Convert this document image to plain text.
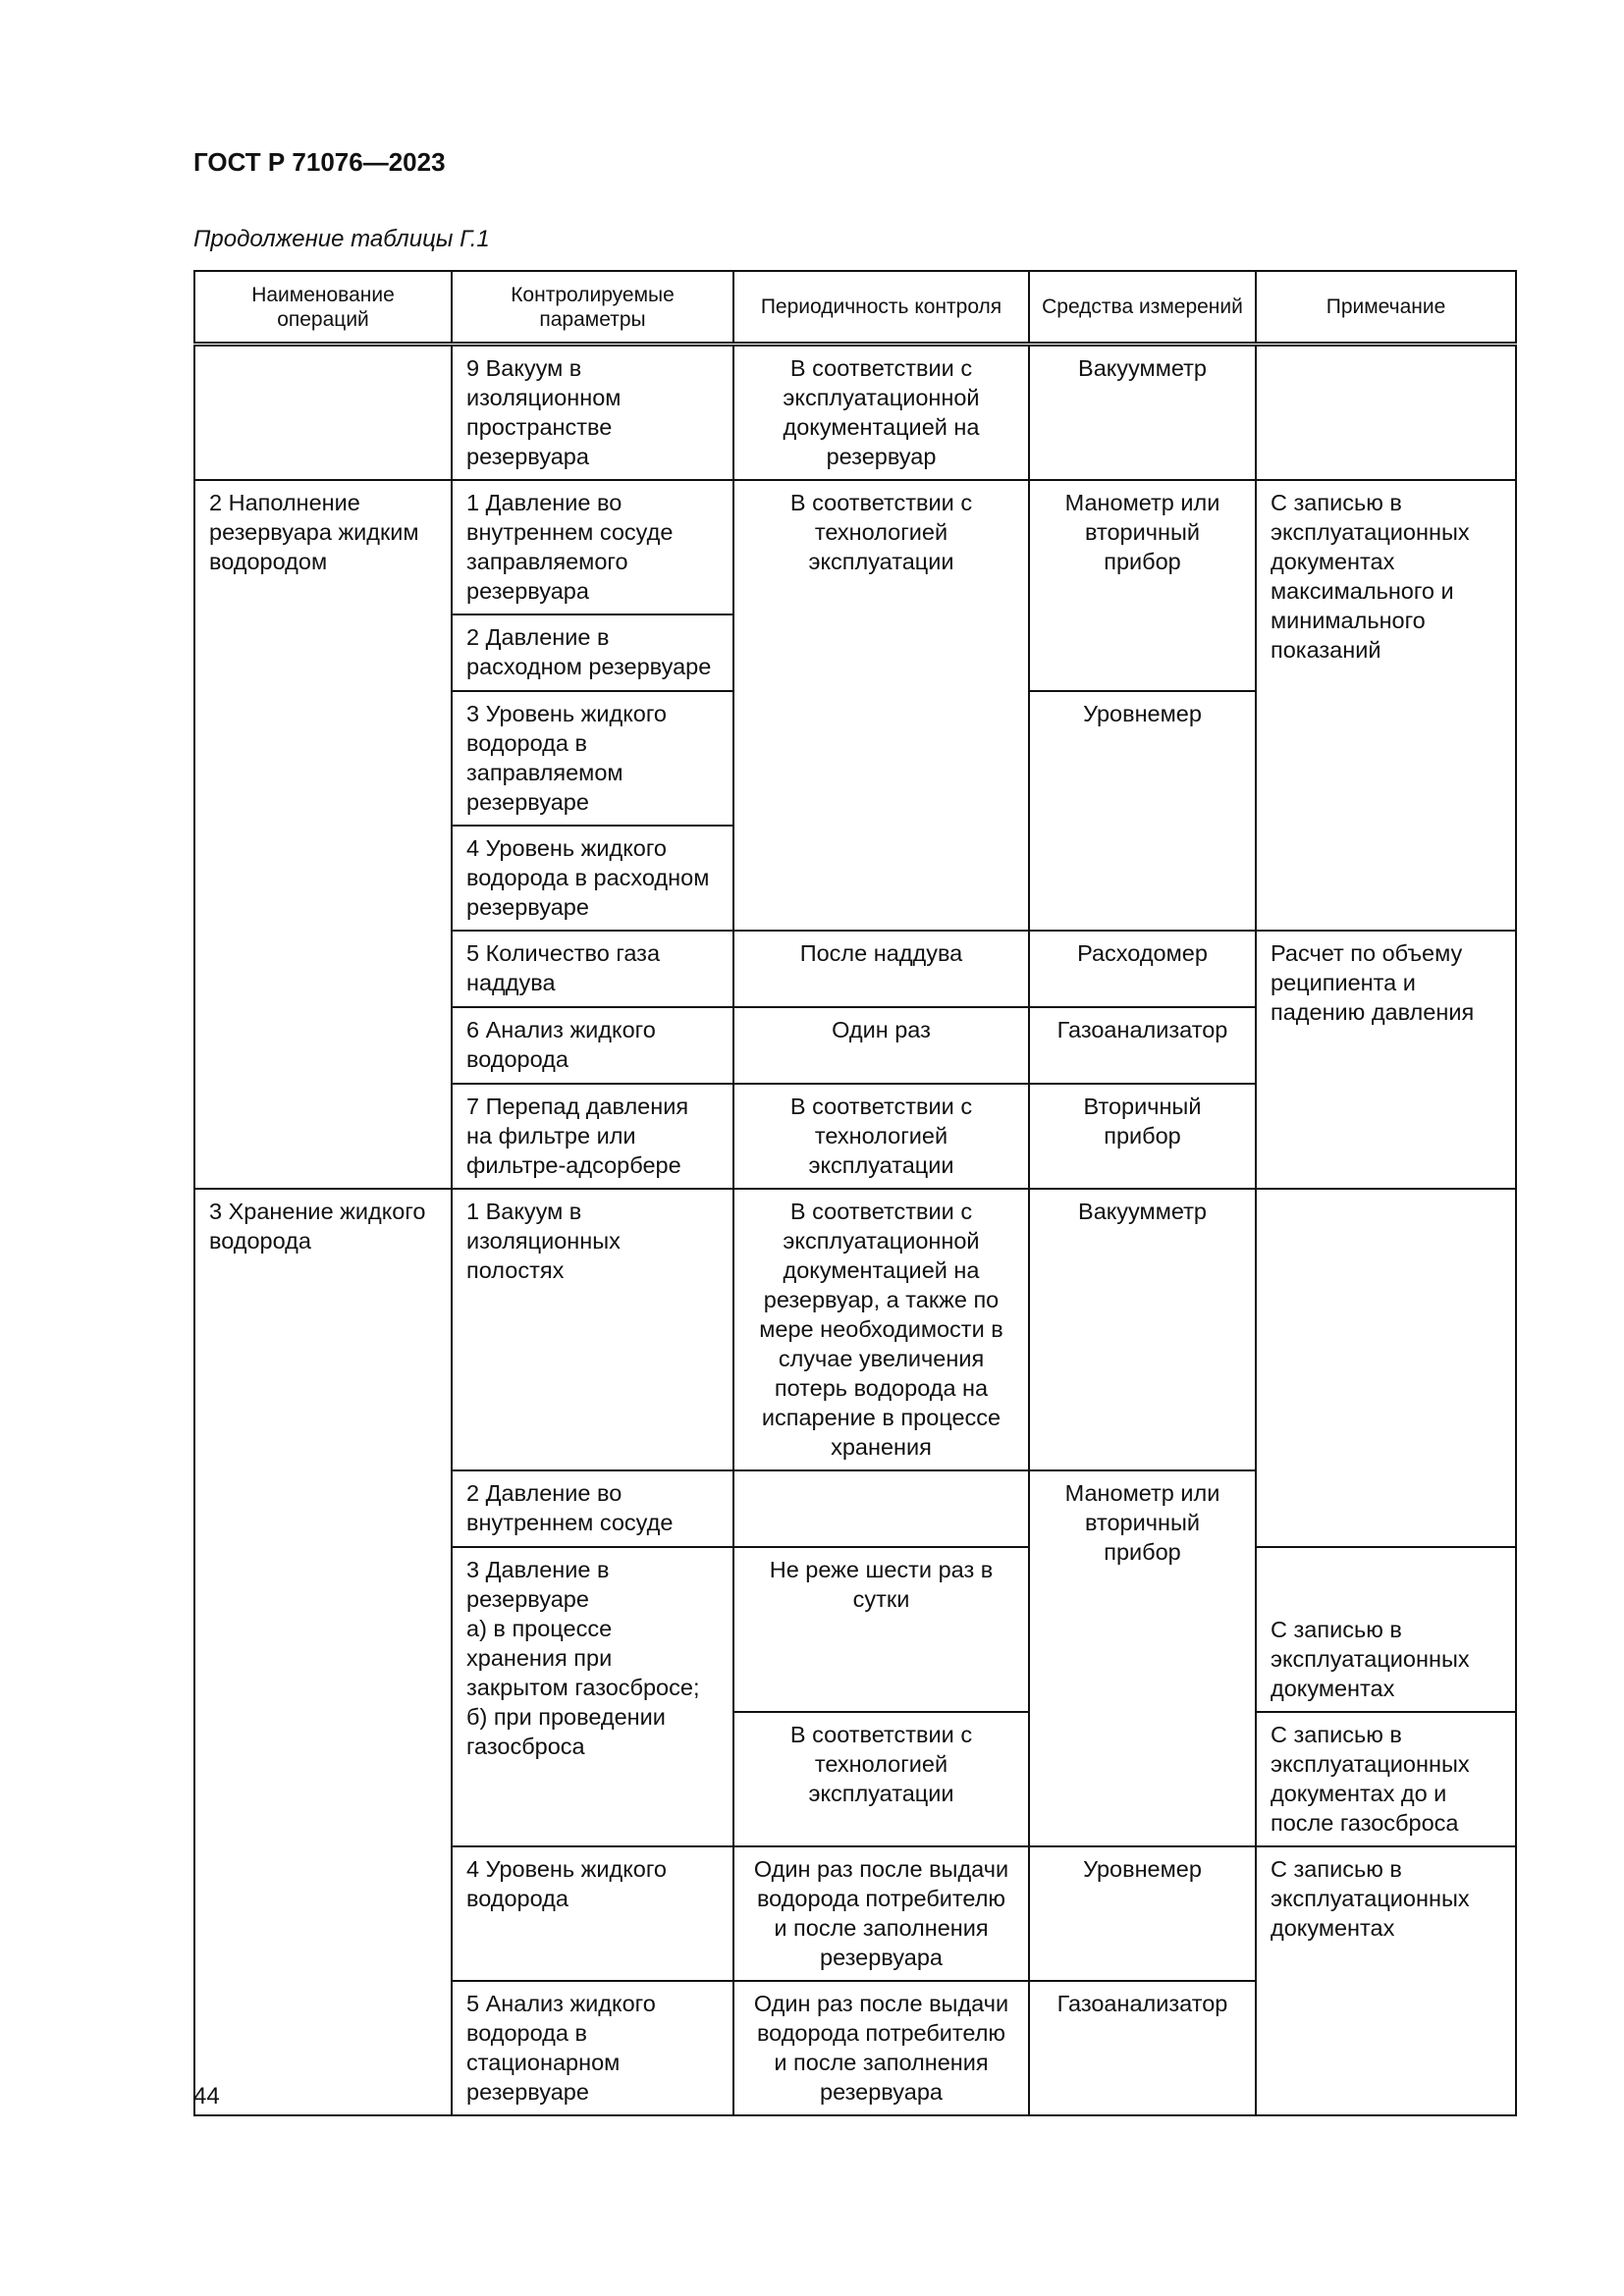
ГОСТ Р 71076—2023
Продолжение таблицы Г.1
Наименование операций	Контролируемые параметры	Периодичность контроля	Средства измерений	Примечание
	9 Вакуум в изоляционном пространстве резервуара	В соответствии с эксплуатационной документацией на резервуар	Вакуумметр	
2 Наполнение резервуара жидким водородом	1 Давление во внутреннем сосуде заправляемого резервуара	В соответствии с технологией эксплуатации	Манометр или вторичный прибор	С записью в эксплуатационных документах максимального и минимального показаний
	2 Давление в расходном резервуаре			
	3 Уровень жидкого водорода в заправляемом резервуаре		Уровнемер	
	4 Уровень жидкого водорода в расходном резервуаре			
	5 Количество газа наддува	После наддува	Расходомер	Расчет по объему реципиента и падению давления
	6 Анализ жидкого водорода	Один раз	Газоанализатор	
	7 Перепад давления на фильтре или фильтре-адсорбере	В соответствии с технологией эксплуатации	Вторичный прибор	
3 Хранение жидкого водорода	1 Вакуум в изоляционных полостях	В соответствии с эксплуатационной документацией на резервуар, а также по мере необходимости в случае увеличения потерь водорода на испарение в процессе хранения	Вакуумметр	
	2 Давление во внутреннем сосуде		Манометр или вторичный прибор	

	3 Давление в резервуаре
а) в процессе хранения при закрытом газосбросе;
б) при проведении газосброса	Не реже шести раз в сутки		С записью в эксплуатационных документах
		В соответствии с технологией эксплуатации		С записью в эксплуатационных документах до и после газосброса
	4 Уровень жидкого водорода	Один раз после выдачи водорода потребителю и после заполнения резервуара	Уровнемер	С записью в эксплуатационных документах
	5 Анализ жидкого водорода в стационарном резервуаре	Один раз после выдачи водорода потребителю и после заполнения резервуара	Газоанализатор	
44
